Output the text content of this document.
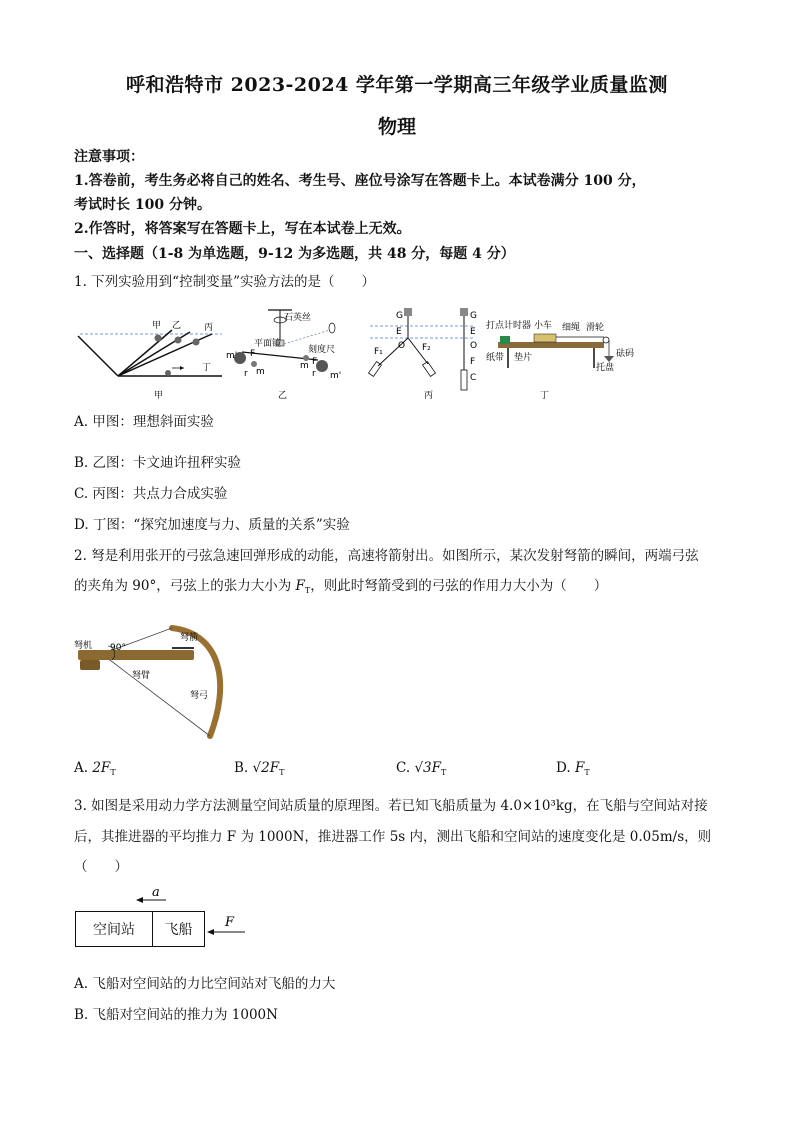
呼和浩特市 2023-2024 学年第一学期高三年级学业质量监测
物理
注意事项：
1.答卷前，考生务必将自己的姓名、考生号、座位号涂写在答题卡上。本试卷满分 100 分，
考试时长 100 分钟。
2.作答时，将答案写在答题卡上，写在本试卷上无效。
一、选择题（1-8 为单选题，9-12 为多选题，共 48 分，每题 4 分）
1. 下列实验用到“控制变量”实验方法的是（　　）
甲 乙	丙
丁
甲
石英丝
平面镜
刻度尺
m'
m
m
m'
F
F
r	r
乙
G
E
F₁	F₂
O
G
E
O
F
C
丙
打点计时器 小车 细绳 滑轮
纸带 垫片	砝码
托盘
丁
A. 甲图：理想斜面实验
B. 乙图：卡文迪许扭秤实验
C. 丙图：共点力合成实验
D. 丁图：“探究加速度与力、质量的关系”实验
2. 弩是利用张开的弓弦急速回弹形成的动能，高速将箭射出。如图所示，某次发射弩箭的瞬间，两端弓弦
的夹角为 90°，弓弦上的张力大小为 $F_T$，则此时弩箭受到的弓弦的作用力大小为（　　）
弩机 90°
弩箭
弩臂
弩弓
A. $2F_T$	B. $√2F_T$	C. $√3F_T$	D. $F_T$
3. 如图是采用动力学方法测量空间站质量的原理图。若已知飞船质量为 4.0×10³kg，在飞船与空间站对接
后，其推进器的平均推力 F 为 1000N，推进器工作 5s 内，测出飞船和空间站的速度变化是 0.05m/s，则
（　　）
a
空间站	飞船	F
A. 飞船对空间站的力比空间站对飞船的力大
B. 飞船对空间站的推力为 1000N
